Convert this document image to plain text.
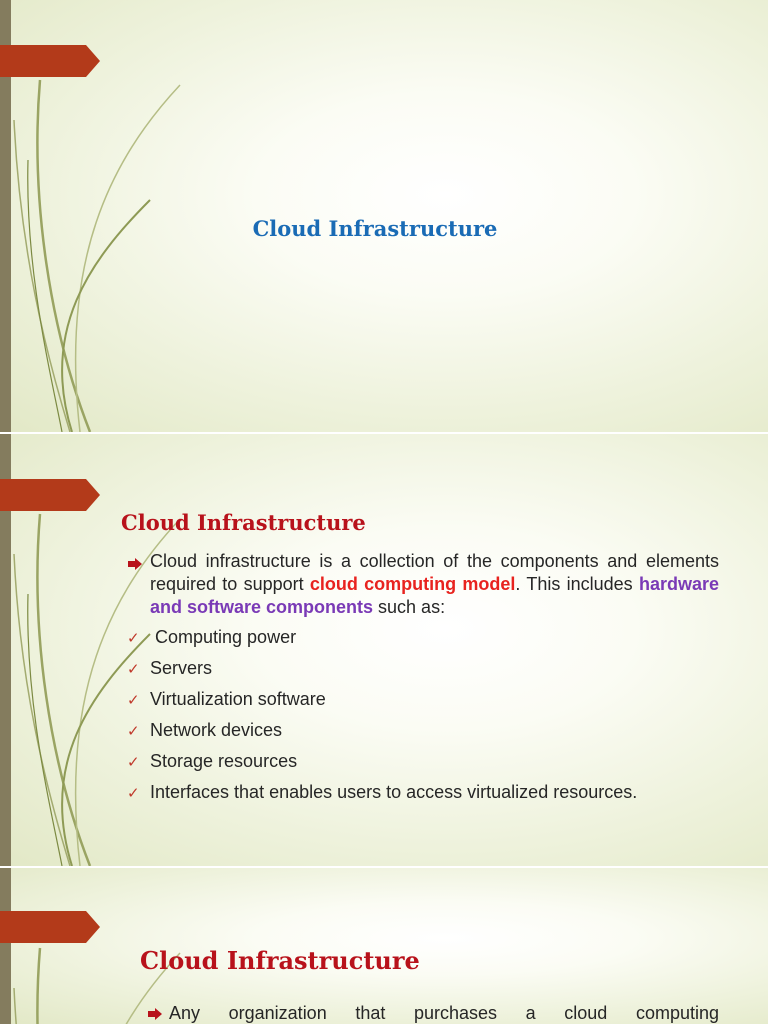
Cloud Infrastructure
Cloud Infrastructure
Cloud infrastructure is a collection of the components and elements required to support cloud computing model. This includes hardware and software components such as:
✓ Computing power
✓ Servers
✓ Virtualization software
✓ Network devices
✓ Storage resources
✓ Interfaces that enables users to access virtualized resources.
Cloud Infrastructure
Any organization that purchases a cloud computing
